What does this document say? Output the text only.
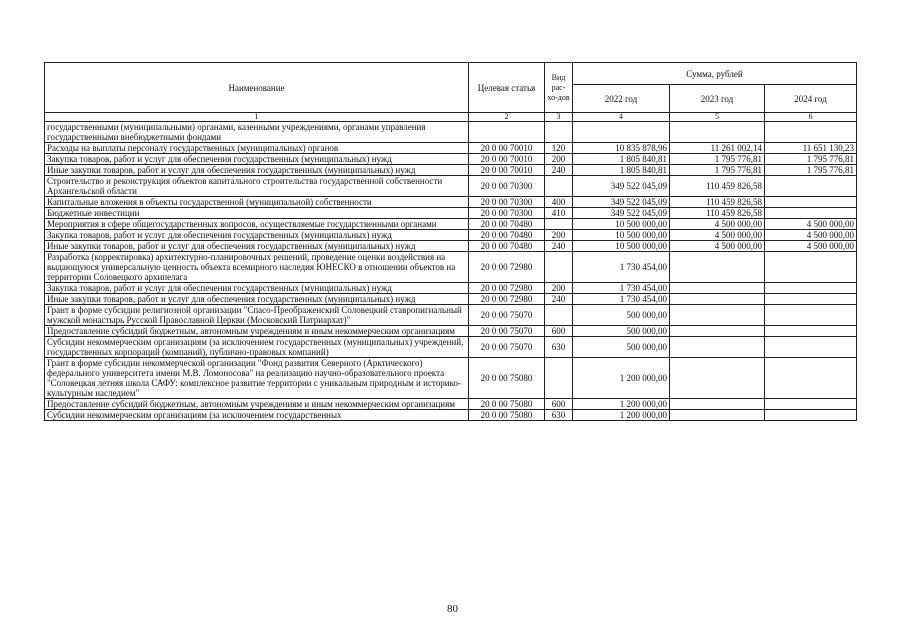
Наименование	Целевая статья	Вид рас-хо-дов	Сумма, рублей		
			2022 год	2023 год	2024 год
1	2	3	4	5	6
государственными (муниципальными) органами, казенными учреждениями, органами управления государственными внебюджетными фондами					
Расходы на выплаты персоналу государственных (муниципальных) органов	20 0 00 70010	120	10 835 878,96	11 261 002,14	11 651 130,23
Закупка товаров, работ и услуг для обеспечения государственных (муниципальных) нужд	20 0 00 70010	200	1 805 840,81	1 795 776,81	1 795 776,81
Иные закупки товаров, работ и услуг для обеспечения государственных (муниципальных) нужд	20 0 00 70010	240	1 805 840,81	1 795 776,81	1 795 776,81
Строительство и реконструкция объектов капитального строительства государственной собственности Архангельской области	20 0 00 70300		349 522 045,09	110 459 826,58	
Капитальные вложения в объекты государственной (муниципальной) собственности	20 0 00 70300	400	349 522 045,09	110 459 826,58	
Бюджетные инвестиции	20 0 00 70300	410	349 522 045,09	110 459 826,58	
Мероприятия в сфере общегосударственных вопросов, осуществляемые государственными органами	20 0 00 70480		10 500 000,00	4 500 000,00	4 500 000,00
Закупка товаров, работ и услуг для обеспечения государственных (муниципальных) нужд	20 0 00 70480	200	10 500 000,00	4 500 000,00	4 500 000,00
Иные закупки товаров, работ и услуг для обеспечения государственных (муниципальных) нужд	20 0 00 70480	240	10 500 000,00	4 500 000,00	4 500 000,00
Разработка (корректировка) архитектурно-планировочных решений, проведение оценки воздействия на выдающуюся универсальную ценность объекта всемирного наследия ЮНЕСКО в отношении объектов на территории Соловецкого архипелага	20 0 00 72980		1 730 454,00		
Закупка товаров, работ и услуг для обеспечения государственных (муниципальных) нужд	20 0 00 72980	200	1 730 454,00		
Иные закупки товаров, работ и услуг для обеспечения государственных (муниципальных) нужд	20 0 00 72980	240	1 730 454,00		
Грант в форме субсидии религиозной организации "Спасо-Преображенский Соловецкий ставропигиальный мужской монастырь Русской Православной Церкви (Московский Патриархат)"	20 0 00 75070		500 000,00		
Предоставление субсидий бюджетным, автономным учреждениям и иным некоммерческим организациям	20 0 00 75070	600	500 000,00		
Субсидии некоммерческим организациям (за исключением государственных (муниципальных) учреждений, государственных корпораций (компаний), публично-правовых компаний)	20 0 00 75070	630	500 000,00		
Грант в форме субсидии некоммерческой организации "Фонд развития Северного (Арктического) федерального университета имени М.В. Ломоносова" на реализацию научно-образовательного проекта "Соловецкая летняя школа САФУ: комплексное развитие территории с уникальным природным и историко-культурным наследием"	20 0 00 75080		1 200 000,00		
Предоставление субсидий бюджетным, автономным учреждениям и иным некоммерческим организациям	20 0 00 75080	600	1 200 000,00		
Субсидии некоммерческим организациям (за исключением государственных	20 0 00 75080	630	1 200 000,00		
80
